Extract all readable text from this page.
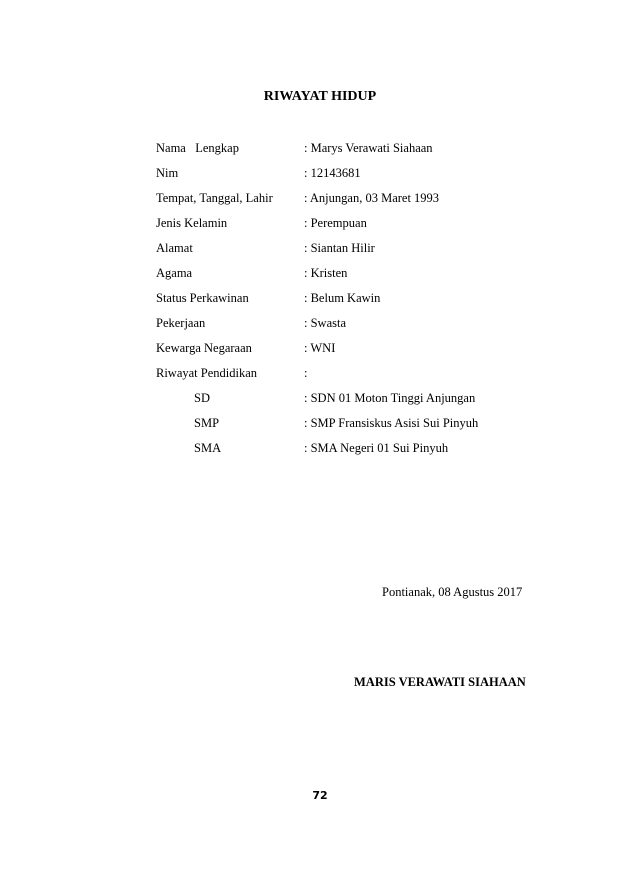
RIWAYAT HIDUP
Nama   Lengkap	: Marys Verawati Siahaan
Nim	: 12143681
Tempat, Tanggal, Lahir	: Anjungan, 03 Maret 1993
Jenis Kelamin	: Perempuan
Alamat	: Siantan Hilir
Agama	: Kristen
Status Perkawinan	: Belum Kawin
Pekerjaan	: Swasta
Kewarga Negaraan	: WNI
Riwayat Pendidikan	:
SD	: SDN 01 Moton Tinggi Anjungan
SMP	: SMP Fransiskus Asisi Sui Pinyuh
SMA	: SMA Negeri 01 Sui Pinyuh
Pontianak, 08 Agustus 2017
MARIS VERAWATI SIAHAAN
72
